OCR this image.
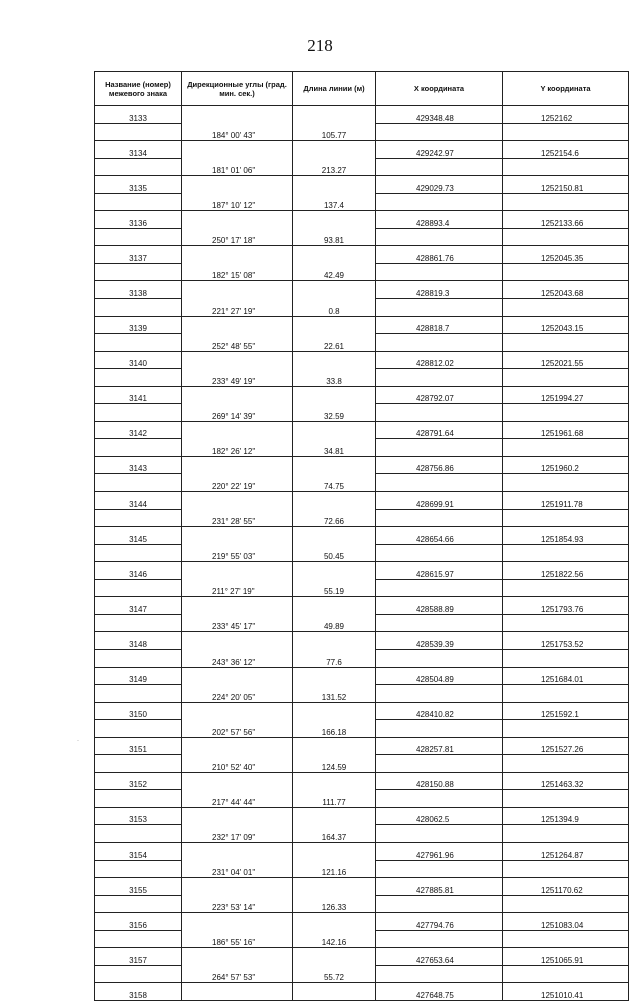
218
·
Название (номер) межевого знака	Дирекционные углы (град. мин. сек.)	Длина линии (м)	X координата	Y координата
3133			429348.48	1252162
	184° 00' 43"	105.77		
3134			429242.97	1252154.6
	181° 01' 06"	213.27		
3135			429029.73	1252150.81
	187° 10' 12"	137.4		
3136			428893.4	1252133.66
	250° 17' 18"	93.81		
3137			428861.76	1252045.35
	182° 15' 08"	42.49		
3138			428819.3	1252043.68
	221° 27' 19"	0.8		
3139			428818.7	1252043.15
	252° 48' 55"	22.61		
3140			428812.02	1252021.55
	233° 49' 19"	33.8		
3141			428792.07	1251994.27
	269° 14' 39"	32.59		
3142			428791.64	1251961.68
	182° 26' 12"	34.81		
3143			428756.86	1251960.2
	220° 22' 19"	74.75		
3144			428699.91	1251911.78
	231° 28' 55"	72.66		
3145			428654.66	1251854.93
	219° 55' 03"	50.45		
3146			428615.97	1251822.56
	211° 27' 19"	55.19		
3147			428588.89	1251793.76
	233° 45' 17"	49.89		
3148			428539.39	1251753.52
	243° 36' 12"	77.6		
3149			428504.89	1251684.01
	224° 20' 05"	131.52		
3150			428410.82	1251592.1
	202° 57' 56"	166.18		
3151			428257.81	1251527.26
	210° 52' 40"	124.59		
3152			428150.88	1251463.32
	217° 44' 44"	111.77		
3153			428062.5	1251394.9
	232° 17' 09"	164.37		
3154			427961.96	1251264.87
	231° 04' 01"	121.16		
3155			427885.81	1251170.62
	223° 53' 14"	126.33		
3156			427794.76	1251083.04
	186° 55' 16"	142.16		
3157			427653.64	1251065.91
	264° 57' 53"	55.72		
3158			427648.75	1251010.41
